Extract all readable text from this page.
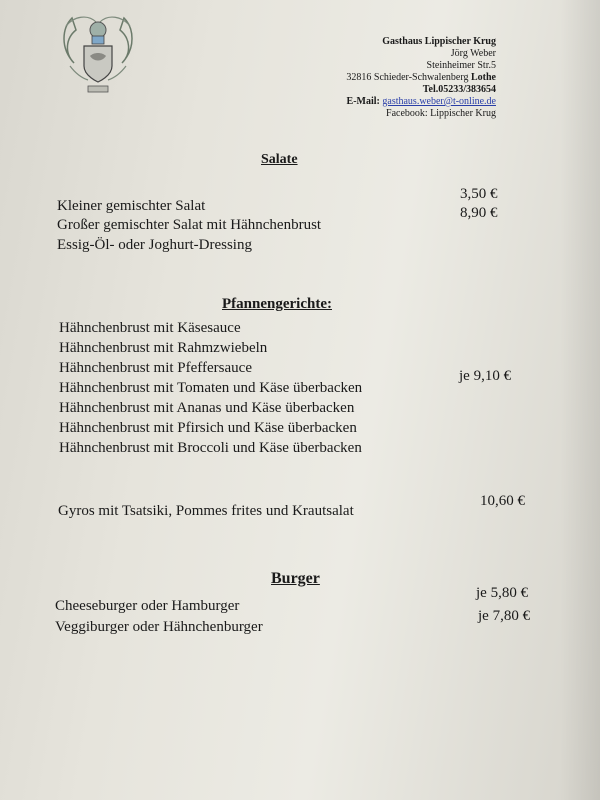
Gasthaus Lippischer Krug
Jörg Weber
Steinheimer Str.5
32816 Schieder-Schwalenberg Lothe
Tel.05233/383654
E-Mail: gasthaus.weber@t-online.de
Facebook: Lippischer Krug
Salate
Kleiner gemischter Salat
3,50 €
Großer gemischter Salat mit Hähnchenbrust
8,90 €
Essig-Öl- oder Joghurt-Dressing
Pfannengerichte:
Hähnchenbrust mit Käsesauce
Hähnchenbrust mit Rahmzwiebeln
Hähnchenbrust mit Pfeffersauce
Hähnchenbrust mit Tomaten und Käse überbacken
je 9,10 €
Hähnchenbrust mit Ananas und Käse überbacken
Hähnchenbrust mit Pfirsich und Käse überbacken
Hähnchenbrust mit Broccoli und Käse überbacken
Gyros mit Tsatsiki, Pommes frites und Krautsalat
10,60 €
Burger
Cheeseburger oder Hamburger
je 5,80 €
Veggiburger oder Hähnchenburger
je 7,80 €
